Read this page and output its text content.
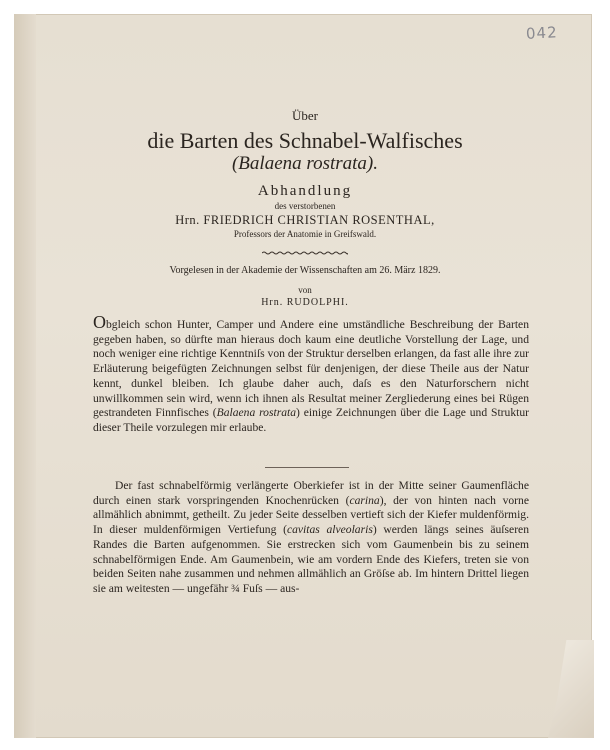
042
Über
die Barten des Schnabel-Walfisches
(Balaena rostrata).
Abhandlung
des verstorbenen
Hrn. FRIEDRICH CHRISTIAN ROSENTHAL,
Professors der Anatomie in Greifswald.
Vorgelesen in der Akademie der Wissenschaften am 26. März 1829.
von
Hrn. RUDOLPHI.

Obgleich schon Hunter, Camper und Andere eine umständliche Beschreibung der Barten gegeben haben, so dürfte man hieraus doch kaum eine deutliche Vorstellung der Lage, und noch weniger eine richtige Kenntniſs von der Struktur derselben erlangen, da fast alle ihre zur Erläuterung beigefügten Zeichnungen selbst für denjenigen, der diese Theile aus der Natur kennt, dunkel bleiben. Ich glaube daher auch, daſs es den Naturforschern nicht unwillkommen sein wird, wenn ich ihnen als Resultat meiner Zergliederung eines bei Rügen gestrandeten Finnfisches (Balaena rostrata) einige Zeichnungen über die Lage und Struktur dieser Theile vorzulegen mir erlaube.

Der fast schnabelförmig verlängerte Oberkiefer ist in der Mitte seiner Gaumenfläche durch einen stark vorspringenden Knochenrücken (carina), der von hinten nach vorne allmählich abnimmt, getheilt. Zu jeder Seite desselben vertieft sich der Kiefer muldenförmig. In dieser muldenförmigen Vertiefung (cavitas alveolaris) werden längs seines äuſseren Randes die Barten aufgenommen. Sie erstrecken sich vom Gaumenbein bis zu seinem schnabelförmigen Ende. Am Gaumenbein, wie am vordern Ende des Kiefers, treten sie von beiden Seiten nahe zusammen und nehmen allmählich an Gröſse ab. Im hintern Drittel liegen sie am weitesten — ungefähr ¾ Fuſs — aus-
